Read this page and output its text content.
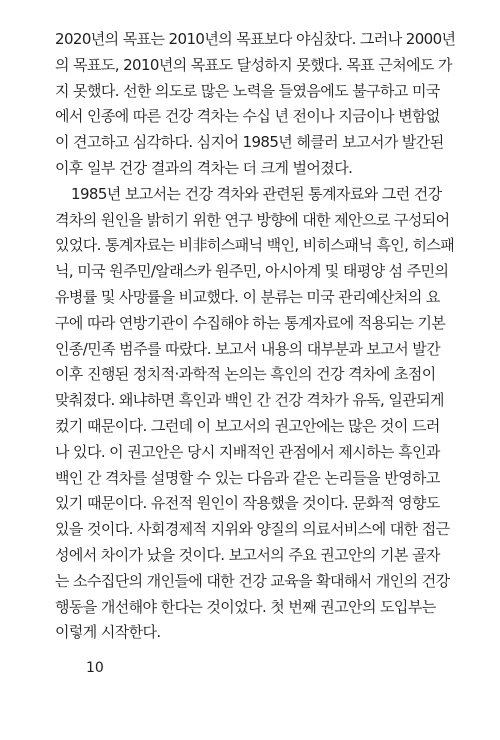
2020년의 목표는 2010년의 목표보다 야심찼다. 그러나 2000년
의 목표도, 2010년의 목표도 달성하지 못했다. 목표 근처에도 가
지 못했다. 선한 의도로 많은 노력을 들였음에도 불구하고 미국
에서 인종에 따른 건강 격차는 수십 년 전이나 지금이나 변함없
이 견고하고 심각하다. 심지어 1985년 헤클러 보고서가 발간된
이후 일부 건강 결과의 격차는 더 크게 벌어졌다.
1985년 보고서는 건강 격차와 관련된 통계자료와 그런 건강
격차의 원인을 밝히기 위한 연구 방향에 대한 제안으로 구성되어
있었다. 통계자료는 비非히스패닉 백인, 비히스패닉 흑인, 히스패
닉, 미국 원주민/알래스카 원주민, 아시아계 및 태평양 섬 주민의
유병률 및 사망률을 비교했다. 이 분류는 미국 관리예산처의 요
구에 따라 연방기관이 수집해야 하는 통계자료에 적용되는 기본
인종/민족 범주를 따랐다. 보고서 내용의 대부분과 보고서 발간
이후 진행된 정치적·과학적 논의는 흑인의 건강 격차에 초점이
맞춰졌다. 왜냐하면 흑인과 백인 간 건강 격차가 유독, 일관되게
컸기 때문이다. 그런데 이 보고서의 권고안에는 많은 것이 드러
나 있다. 이 권고안은 당시 지배적인 관점에서 제시하는 흑인과
백인 간 격차를 설명할 수 있는 다음과 같은 논리들을 반영하고
있기 때문이다. 유전적 원인이 작용했을 것이다. 문화적 영향도
있을 것이다. 사회경제적 지위와 양질의 의료서비스에 대한 접근
성에서 차이가 났을 것이다. 보고서의 주요 권고안의 기본 골자
는 소수집단의 개인들에 대한 건강 교육을 확대해서 개인의 건강
행동을 개선해야 한다는 것이었다. 첫 번째 권고안의 도입부는
이렇게 시작한다.
10
